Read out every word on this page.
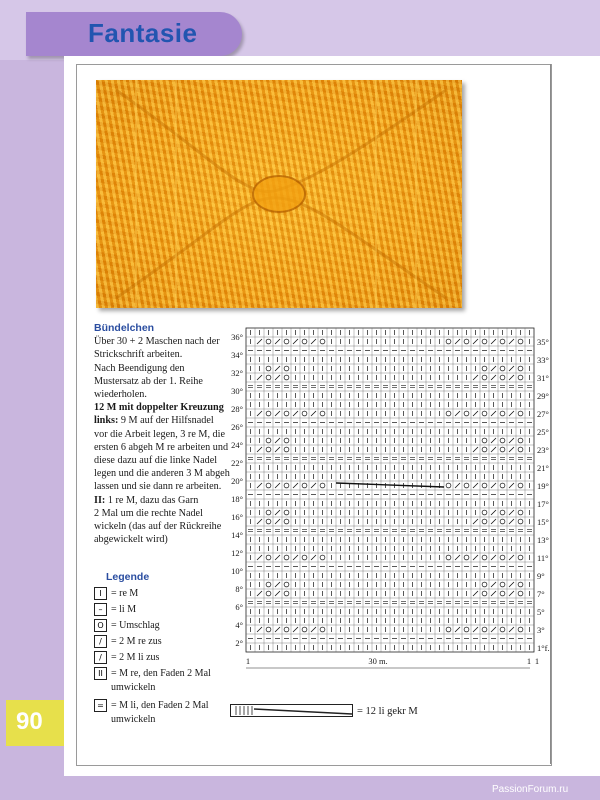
Fantasie
Bündelchen
Über 30 + 2 Maschen nach der
Strickschrift arbeiten.
Nach Beendigung den
Mustersatz ab der 1. Reihe
wiederholen.
12 M mit doppelter Kreuzung
links: 9 M auf der Hilfsnadel
vor die Arbeit legen, 3 re M, die
ersten 6 abgeh M re arbeiten und
diese dazu auf die linke Nadel
legen und die anderen 3 M abgeh
lassen und sie dann re arbeiten.
II: 1 re M, dazu das Garn
2 Mal um die rechte Nadel
wickeln (das auf der Rückreihe
abgewickelt wird)
Legende
I = re M
– = li M
O = Umschlag
/ = 2 M re zus
/ = 2 M li zus
II = M re, den Faden 2 Mal
umwickeln
= = M li, den Faden 2 Mal
umwickeln
36°
34°
32°
30°
28°
26°
24°
22°
20°
18°
16°
14°
12°
10°
8°
6°
4°
2°
35°
33°
31°
29°
27°
25°
23°
21°
19°
17°
15°
13°
11°
9°
7°
5°
3°
1°f.
1	1 1
30 m.
= 12 li gekr M
90
PassionForum.ru
